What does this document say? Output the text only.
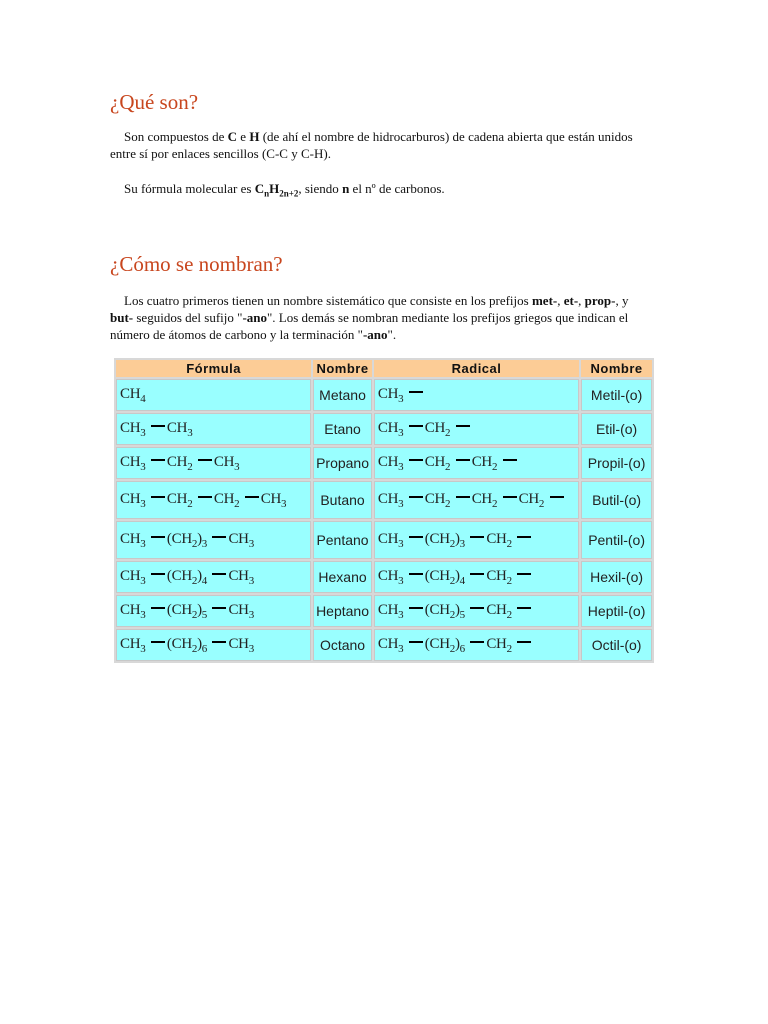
¿Qué son?

Son compuestos de C e H (de ahí el nombre de hidrocarburos) de cadena abierta que están unidos entre sí por enlaces sencillos (C-C y C-H).

Su fórmula molecular es $C_nH_{2n+2}$, siendo n el nº de carbonos.

¿Cómo se nombran?

Los cuatro primeros tienen un nombre sistemático que consiste en los prefijos met-, et-, prop-, y but- seguidos del sufijo "-ano". Los demás se nombran mediante los prefijos griegos que indican el número de átomos de carbono y la terminación "-ano".

Fórmula	Nombre	Radical	Nombre
$CH_4$	Metano	$CH_3$	Metil-(o)
$CH_3$ $CH_3$	Etano	$CH_3$ $CH_2$	Etil-(o)
$CH_3$ $CH_2$ $CH_3$	Propano	$CH_3$ $CH_2$ $CH_2$	Propil-(o)
$CH_3$ $CH_2$ $CH_2$ $CH_3$	Butano	$CH_3$ $CH_2$ $CH_2$ $CH_2$	Butil-(o)
$CH_3$ $(CH_2)_3$ $CH_3$	Pentano	$CH_3$ $(CH_2)_3$ $CH_2$	Pentil-(o)
$CH_3$ $(CH_2)_4$ $CH_3$	Hexano	$CH_3$ $(CH_2)_4$ $CH_2$	Hexil-(o)
$CH_3$ $(CH_2)_5$ $CH_3$	Heptano	$CH_3$ $(CH_2)_5$ $CH_2$	Heptil-(o)
$CH_3$ $(CH_2)_6$ $CH_3$	Octano	$CH_3$ $(CH_2)_6$ $CH_2$	Octil-(o)
